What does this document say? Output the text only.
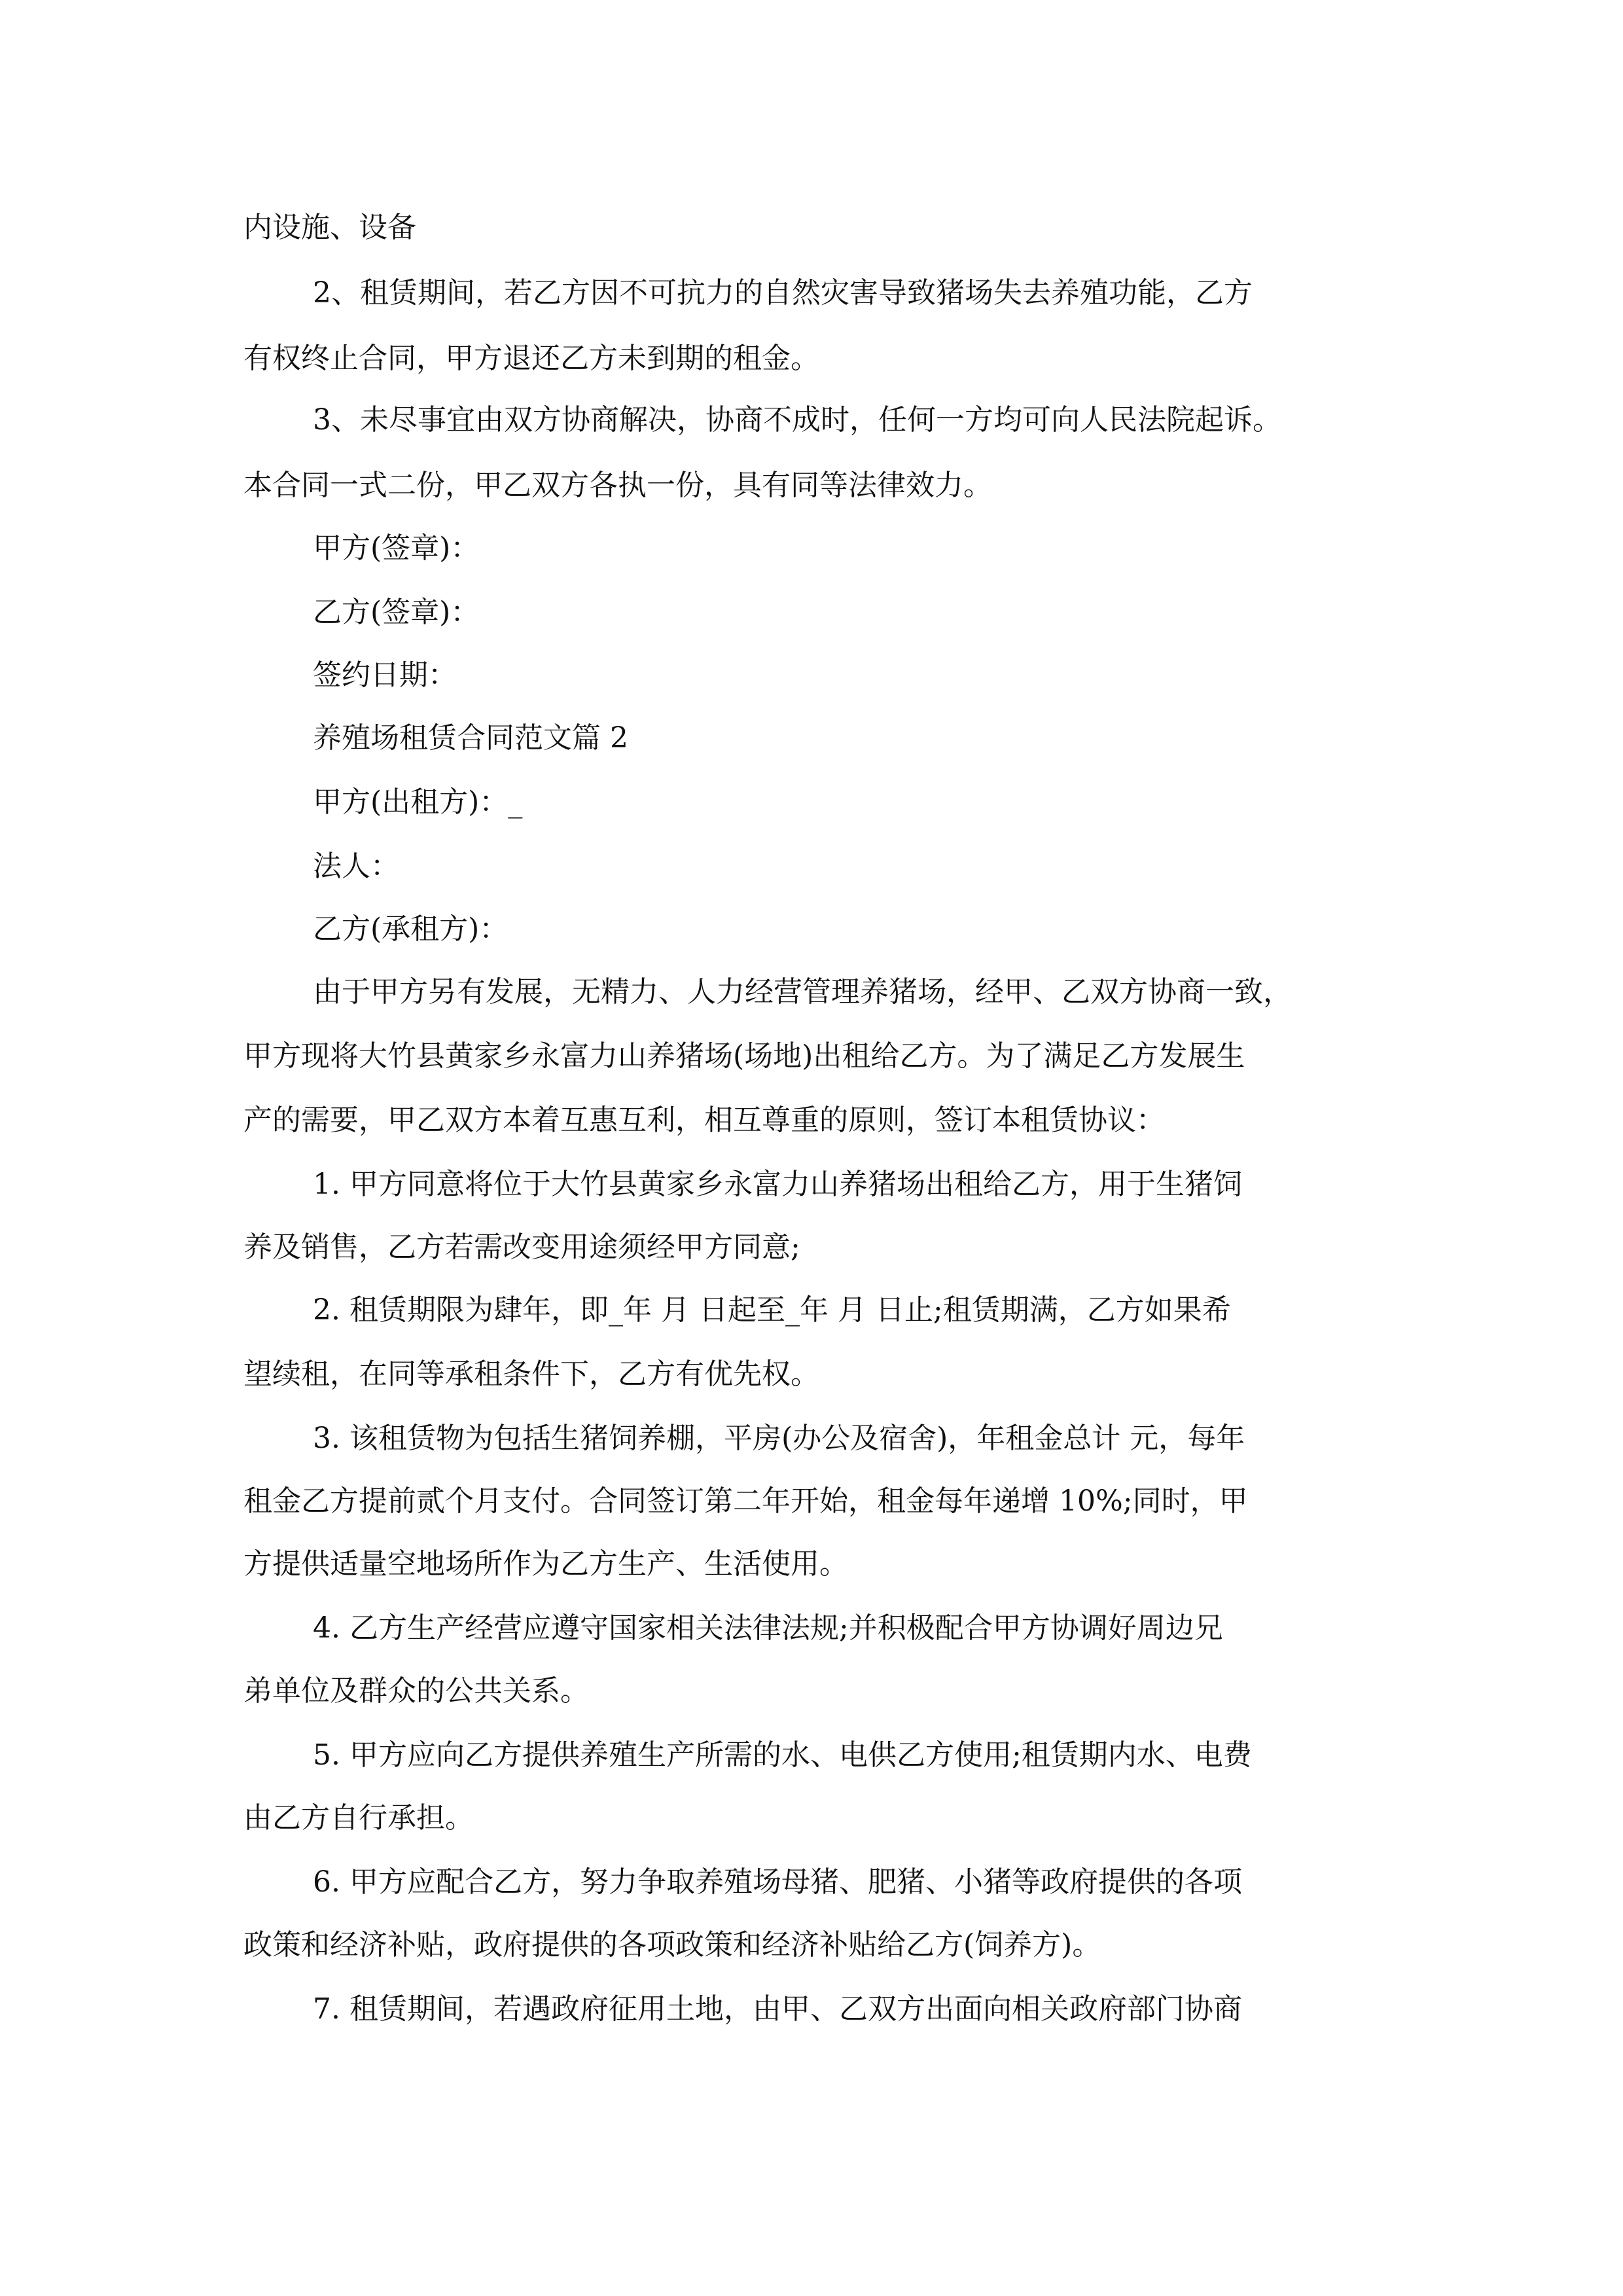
内设施、设备
2、租赁期间，若乙方因不可抗力的自然灾害导致猪场失去养殖功能，乙方
有权终止合同，甲方退还乙方未到期的租金。
3、未尽事宜由双方协商解决，协商不成时，任何一方均可向人民法院起诉。
本合同一式二份，甲乙双方各执一份，具有同等法律效力。
甲方(签章)：
乙方(签章)：
签约日期：
养殖场租赁合同范文篇 2
甲方(出租方)：_
法人：
乙方(承租方)：
由于甲方另有发展，无精力、人力经营管理养猪场，经甲、乙双方协商一致，
甲方现将大竹县黄家乡永富力山养猪场(场地)出租给乙方。为了满足乙方发展生
产的需要，甲乙双方本着互惠互利，相互尊重的原则，签订本租赁协议：
1. 甲方同意将位于大竹县黄家乡永富力山养猪场出租给乙方，用于生猪饲
养及销售，乙方若需改变用途须经甲方同意;
2. 租赁期限为肆年，即_年 月 日起至_年 月 日止;租赁期满，乙方如果希
望续租，在同等承租条件下，乙方有优先权。
3. 该租赁物为包括生猪饲养棚，平房(办公及宿舍)，年租金总计 元，每年
租金乙方提前贰个月支付。合同签订第二年开始，租金每年递增 10%;同时，甲
方提供适量空地场所作为乙方生产、生活使用。
4. 乙方生产经营应遵守国家相关法律法规;并积极配合甲方协调好周边兄
弟单位及群众的公共关系。
5. 甲方应向乙方提供养殖生产所需的水、电供乙方使用;租赁期内水、电费
由乙方自行承担。
6. 甲方应配合乙方，努力争取养殖场母猪、肥猪、小猪等政府提供的各项
政策和经济补贴，政府提供的各项政策和经济补贴给乙方(饲养方)。
7. 租赁期间，若遇政府征用土地，由甲、乙双方出面向相关政府部门协商
